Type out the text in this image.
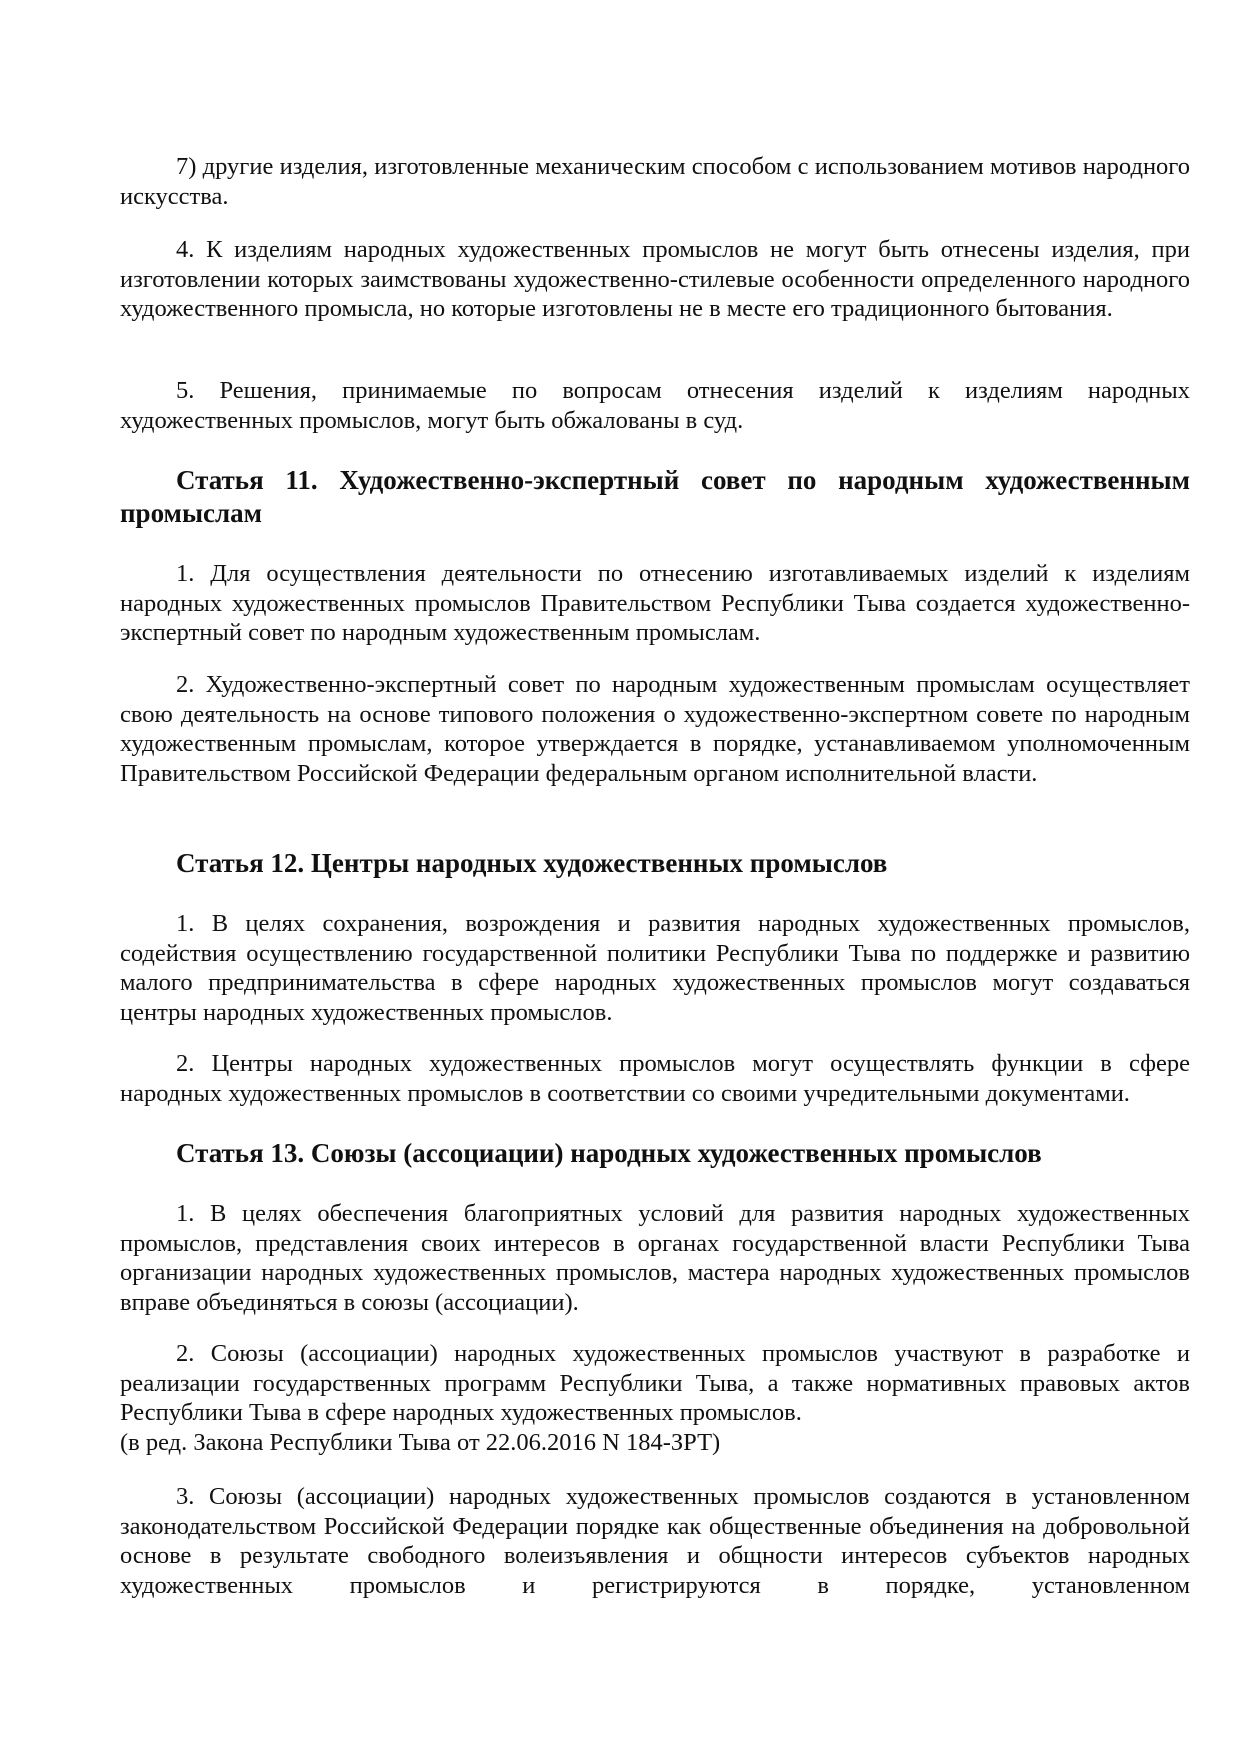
7) другие изделия, изготовленные механическим способом с использованием мотивов народного искусства.

4. К изделиям народных художественных промыслов не могут быть отнесены изделия, при изготовлении которых заимствованы художественно-стилевые особенности определенного народного художественного промысла, но которые изготовлены не в месте его традиционного бытования.

5. Решения, принимаемые по вопросам отнесения изделий к изделиям народных художественных промыслов, могут быть обжалованы в суд.

Статья 11. Художественно-экспертный совет по народным художественным промыслам

1. Для осуществления деятельности по отнесению изготавливаемых изделий к изделиям народных художественных промыслов Правительством Республики Тыва создается художественно-экспертный совет по народным художественным промыслам.

2. Художественно-экспертный совет по народным художественным промыслам осуществляет свою деятельность на основе типового положения о художественно-экспертном совете по народным художественным промыслам, которое утверждается в порядке, устанавливаемом уполномоченным Правительством Российской Федерации федеральным органом исполнительной власти.

Статья 12. Центры народных художественных промыслов

1. В целях сохранения, возрождения и развития народных художественных промыслов, содействия осуществлению государственной политики Республики Тыва по поддержке и развитию малого предпринимательства в сфере народных художественных промыслов могут создаваться центры народных художественных промыслов.

2. Центры народных художественных промыслов могут осуществлять функции в сфере народных художественных промыслов в соответствии со своими учредительными документами.

Статья 13. Союзы (ассоциации) народных художественных промыслов

1. В целях обеспечения благоприятных условий для развития народных художественных промыслов, представления своих интересов в органах государственной власти Республики Тыва организации народных художественных промыслов, мастера народных художественных промыслов вправе объединяться в союзы (ассоциации).

2. Союзы (ассоциации) народных художественных промыслов участвуют в разработке и реализации государственных программ Республики Тыва, а также нормативных правовых актов Республики Тыва в сфере народных художественных промыслов.

(в ред. Закона Республики Тыва от 22.06.2016 N 184-ЗРТ)

3. Союзы (ассоциации) народных художественных промыслов создаются в установленном законодательством Российской Федерации порядке как общественные объединения на добровольной основе в результате свободного волеизъявления и общности интересов субъектов народных художественных промыслов и регистрируются в порядке, установленном
